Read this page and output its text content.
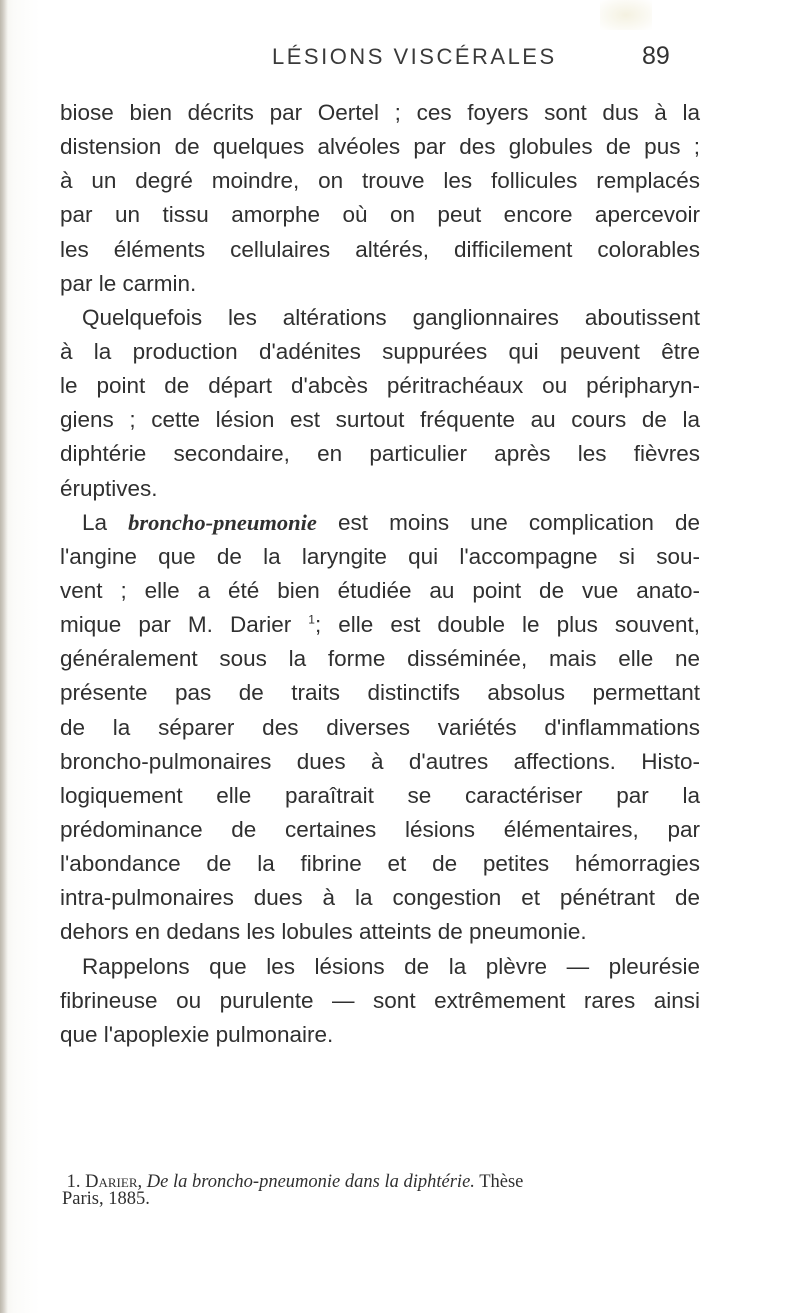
LÉSIONS VISCÉRALES	89
biose bien décrits par Oertel ; ces foyers sont dus à la
distension de quelques alvéoles par des globules de pus ;
à un degré moindre, on trouve les follicules remplacés
par un tissu amorphe où on peut encore apercevoir
les éléments cellulaires altérés, difficilement colorables
par le carmin.
Quelquefois les altérations ganglionnaires aboutissent
à la production d'adénites suppurées qui peuvent être
le point de départ d'abcès péritrachéaux ou péripharyn-
giens ; cette lésion est surtout fréquente au cours de la
diphtérie secondaire, en particulier après les fièvres
éruptives.
La broncho-pneumonie est moins une complication de
l'angine que de la laryngite qui l'accompagne si sou-
vent ; elle a été bien étudiée au point de vue anato-
mique par M. Darier $^1$; elle est double le plus souvent,
généralement sous la forme disséminée, mais elle ne
présente pas de traits distinctifs absolus permettant
de la séparer des diverses variétés d'inflammations
broncho-pulmonaires dues à d'autres affections. Histo-
logiquement elle paraîtrait se caractériser par la
prédominance de certaines lésions élémentaires, par
l'abondance de la fibrine et de petites hémorragies
intra-pulmonaires dues à la congestion et pénétrant de
dehors en dedans les lobules atteints de pneumonie.
Rappelons que les lésions de la plèvre — pleurésie
fibrineuse ou purulente — sont extrêmement rares ainsi
que l'apoplexie pulmonaire.
1. Darier, De la broncho-pneumonie dans la diphtérie. Thèse
Paris, 1885.
